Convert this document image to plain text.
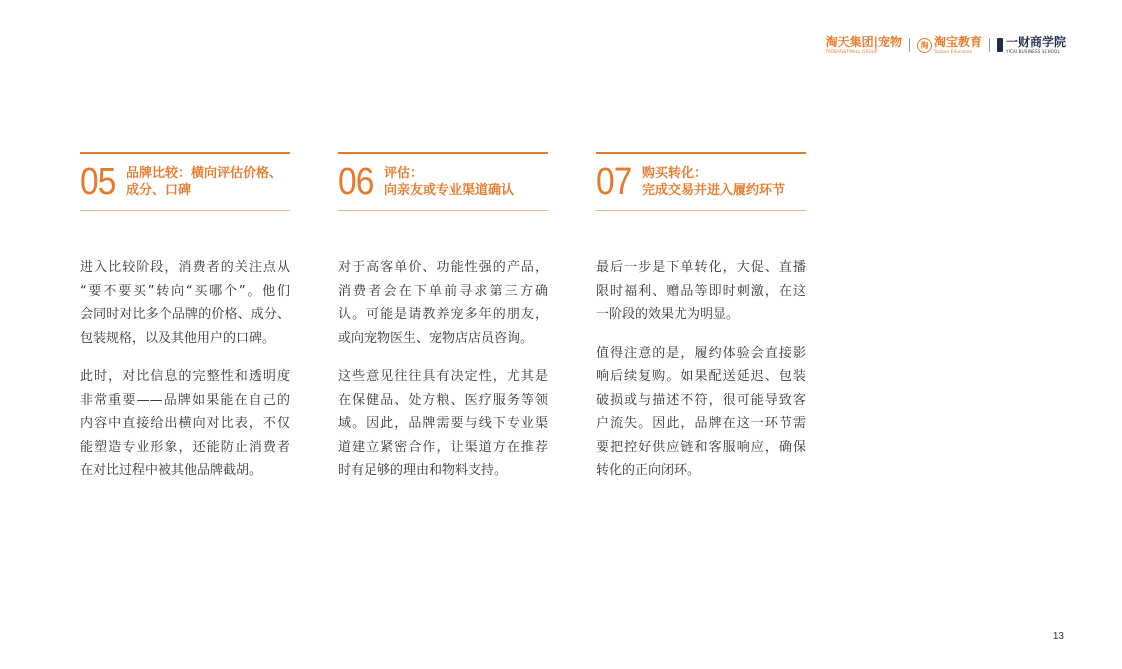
淘天集团|宠物
TAOBAO&TMALL GROUP
淘 淘宝教育
Taobao Education
一财商学院
YICAI BUSINESS SCHOOL
05 品牌比较：横向评估价格、
成分、口碑

进入比较阶段，消费者的关注点从
“要不要买”转向“买哪个”。他们
会同时对比多个品牌的价格、成分、
包装规格，以及其他用户的口碑。

此时，对比信息的完整性和透明度
非常重要——品牌如果能在自己的
内容中直接给出横向对比表，不仅
能塑造专业形象，还能防止消费者
在对比过程中被其他品牌截胡。

06 评估：
向亲友或专业渠道确认

对于高客单价、功能性强的产品，
消费者会在下单前寻求第三方确
认。可能是请教养宠多年的朋友，
或向宠物医生、宠物店店员咨询。

这些意见往往具有决定性，尤其是
在保健品、处方粮、医疗服务等领
域。因此，品牌需要与线下专业渠
道建立紧密合作，让渠道方在推荐
时有足够的理由和物料支持。

07 购买转化：
完成交易并进入履约环节

最后一步是下单转化，大促、直播
限时福利、赠品等即时刺激，在这
一阶段的效果尤为明显。

值得注意的是，履约体验会直接影
响后续复购。如果配送延迟、包装
破损或与描述不符，很可能导致客
户流失。因此，品牌在这一环节需
要把控好供应链和客服响应，确保
转化的正向闭环。

13
